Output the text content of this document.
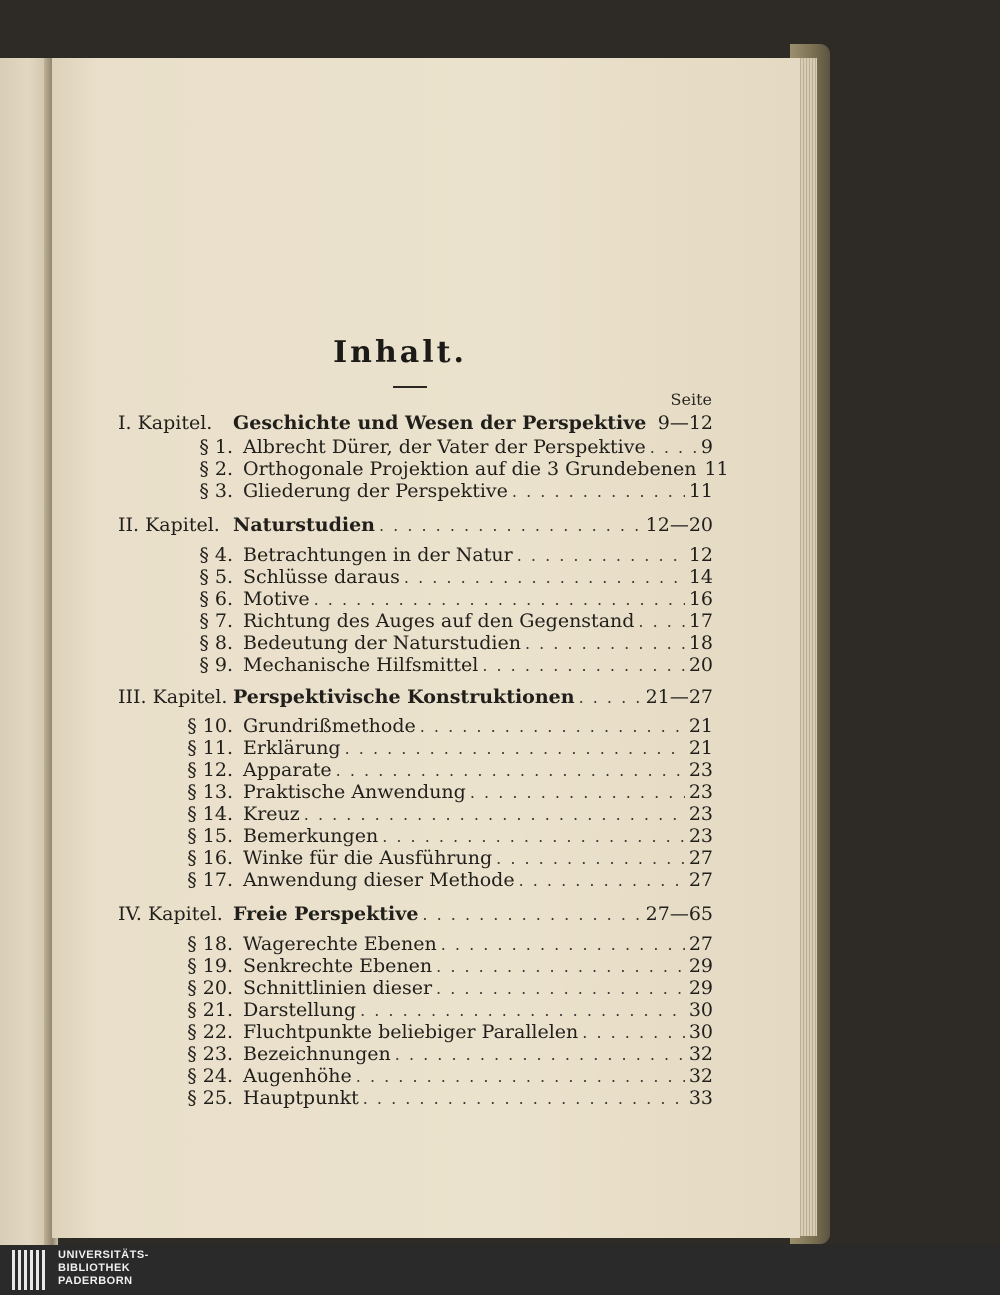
Inhalt.
Seite
I. Kapitel.	Geschichte und Wesen der Perspektive 9—12
§ 1. Albrecht Dürer, der Vater der Perspektive . . .	9
§ 2. Orthogonale Projektion auf die 3 Grundebenen 11
§ 3. Gliederung der Perspektive . . .	11
II. Kapitel. Naturstudien . . .	12—20
§ 4. Betrachtungen in der Natur . . .	12
§ 5. Schlüsse daraus . . .	14
§ 6. Motive . . .	16
§ 7. Richtung des Auges auf den Gegenstand . . .	17
§ 8. Bedeutung der Naturstudien . . .	18
§ 9. Mechanische Hilfsmittel . . .	20
III. Kapitel. Perspektivische Konstruktionen . . .	21—27
§ 10. Grundrißmethode . . .	21
§ 11. Erklärung . . .	21
§ 12. Apparate . . .	23
§ 13. Praktische Anwendung . . .	23
§ 14. Kreuz . . .	23
§ 15. Bemerkungen . . .	23
§ 16. Winke für die Ausführung . . .	27
§ 17. Anwendung dieser Methode . . .	27
IV. Kapitel. Freie Perspektive . . .	27—65
§ 18. Wagerechte Ebenen . . .	27
§ 19. Senkrechte Ebenen . . .	29
§ 20. Schnittlinien dieser . . .	29
§ 21. Darstellung . . .	30
§ 22. Fluchtpunkte beliebiger Parallelen . . .	30
§ 23. Bezeichnungen . . .	32
§ 24. Augenhöhe . . .	32
§ 25. Hauptpunkt . . .	33
UNIVERSITÄTS-
BIBLIOTHEK
PADERBORN
